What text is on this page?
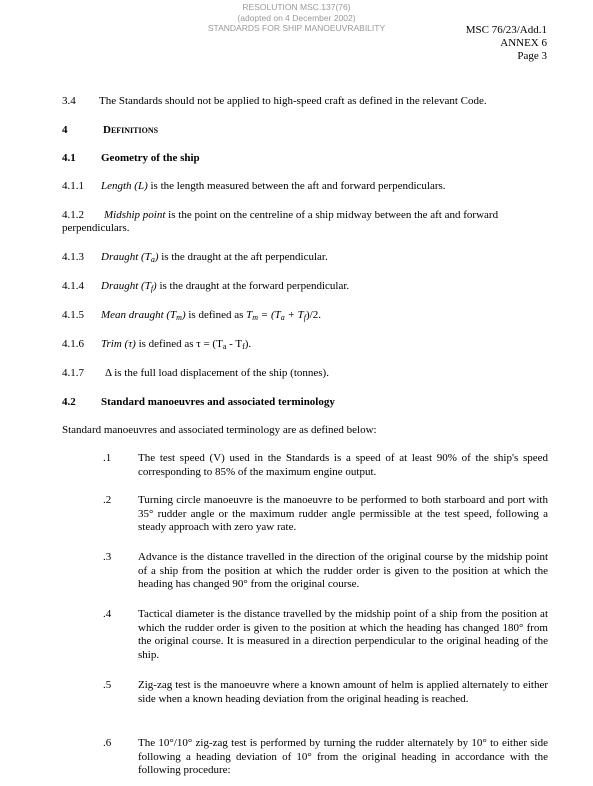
RESOLUTION MSC.137(76)
(adopted on 4 December 2002)
STANDARDS FOR SHIP MANOEUVRABILITY	MSC 76/23/Add.1
ANNEX 6
Page 3
3.4 The Standards should not be applied to high-speed craft as defined in the relevant Code.
4	Definitions
4.1 Geometry of the ship
4.1.1 Length (L) is the length measured between the aft and forward perpendiculars.
4.1.2 Midship point is the point on the centreline of a ship midway between the aft and forward
perpendiculars.
4.1.3 Draught $(T_a)$ is the draught at the aft perpendicular.
4.1.4 Draught $(T_f)$ is the draught at the forward perpendicular.
4.1.5 Mean draught $(T_m)$ is defined as $T_m = (T_a + T_f)/2$.
4.1.6 Trim (τ) is defined as $\tau = (T_a - T_f)$.
4.1.7 Δ is the full load displacement of the ship (tonnes).
4.2 Standard manoeuvres and associated terminology
Standard manoeuvres and associated terminology are as defined below:
.1 The test speed (V) used in the Standards is a speed of at least 90% of the ship's speed corresponding to 85% of the maximum engine output.
.2 Turning circle manoeuvre is the manoeuvre to be performed to both starboard and port with 35° rudder angle or the maximum rudder angle permissible at the test speed, following a steady approach with zero yaw rate.
.3 Advance is the distance travelled in the direction of the original course by the midship point of a ship from the position at which the rudder order is given to the position at which the heading has changed 90° from the original course.
.4 Tactical diameter is the distance travelled by the midship point of a ship from the position at which the rudder order is given to the position at which the heading has changed 180° from the original course. It is measured in a direction perpendicular to the original heading of the ship.
.5 Zig-zag test is the manoeuvre where a known amount of helm is applied alternately to either side when a known heading deviation from the original heading is reached.
.6 The 10°/10° zig-zag test is performed by turning the rudder alternately by 10° to either side following a heading deviation of 10° from the original heading in accordance with the following procedure:
